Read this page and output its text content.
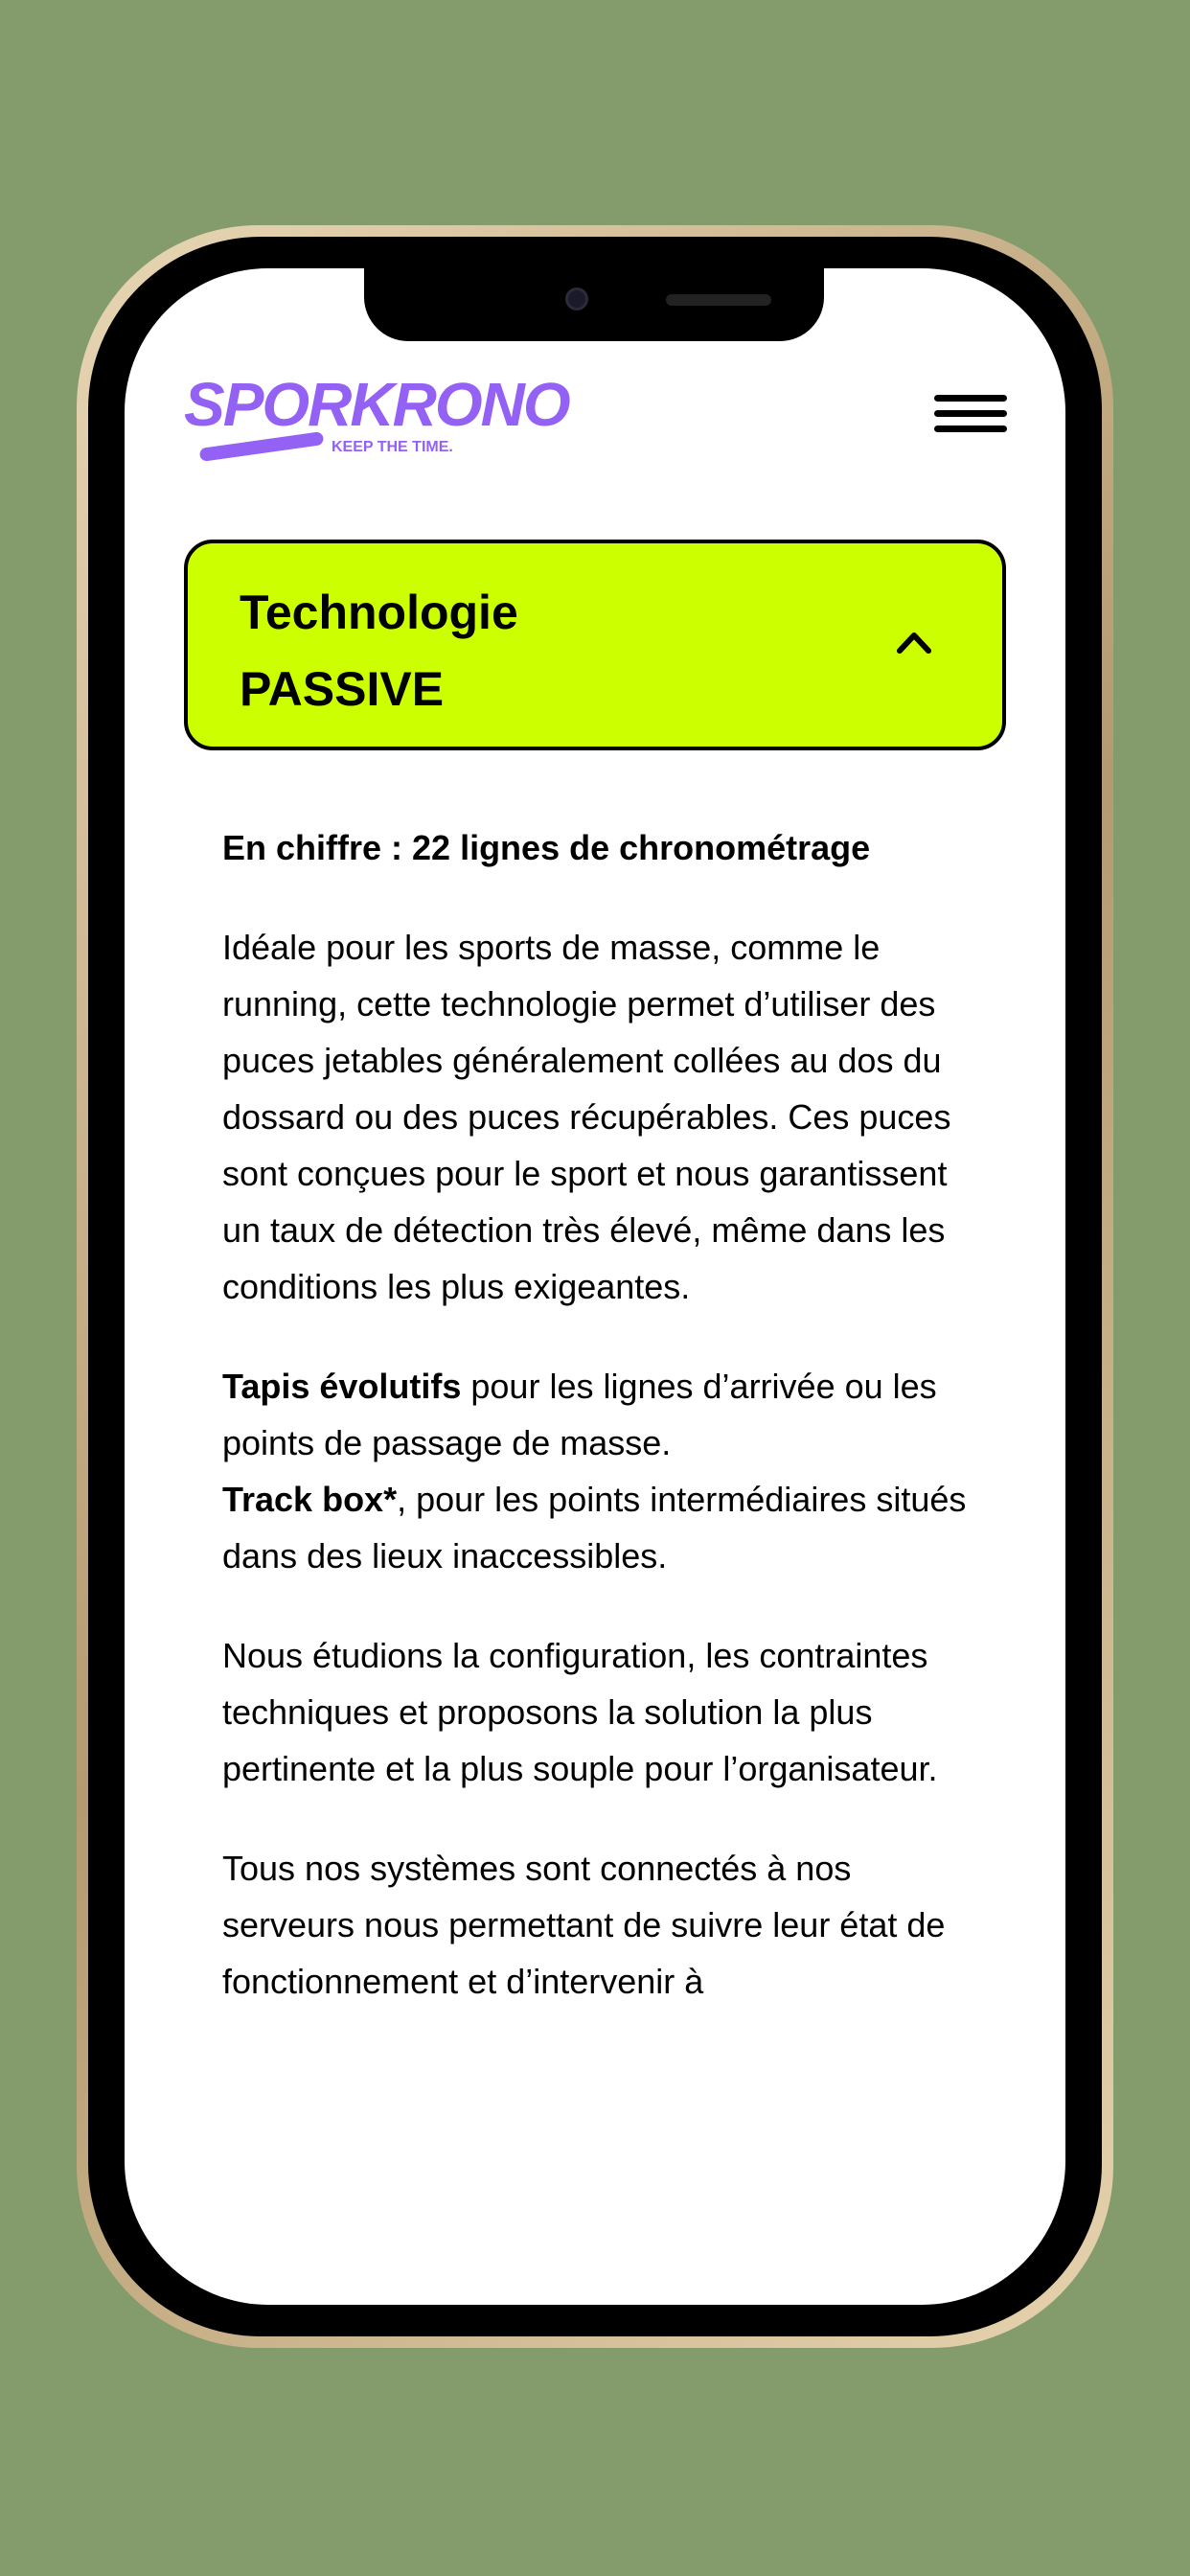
SPORKRONO
KEEP THE TIME.
Technologie
PASSIVE
En chiffre : 22 lignes de chronométrage

Idéale pour les sports de masse, comme le running, cette technologie permet d’utiliser des puces jetables généralement collées au dos du dossard ou des puces récupérables. Ces puces sont conçues pour le sport et nous garantissent un taux de détection très élevé, même dans les conditions les plus exigeantes.

Tapis évolutifs pour les lignes d’arrivée ou les points de passage de masse.
Track box*, pour les points intermédiaires situés dans des lieux inaccessibles.

Nous étudions la configuration, les contraintes techniques et proposons la solution la plus pertinente et la plus souple pour l’organisateur.

Tous nos systèmes sont connectés à nos serveurs nous permettant de suivre leur état de fonctionnement et d’intervenir à
